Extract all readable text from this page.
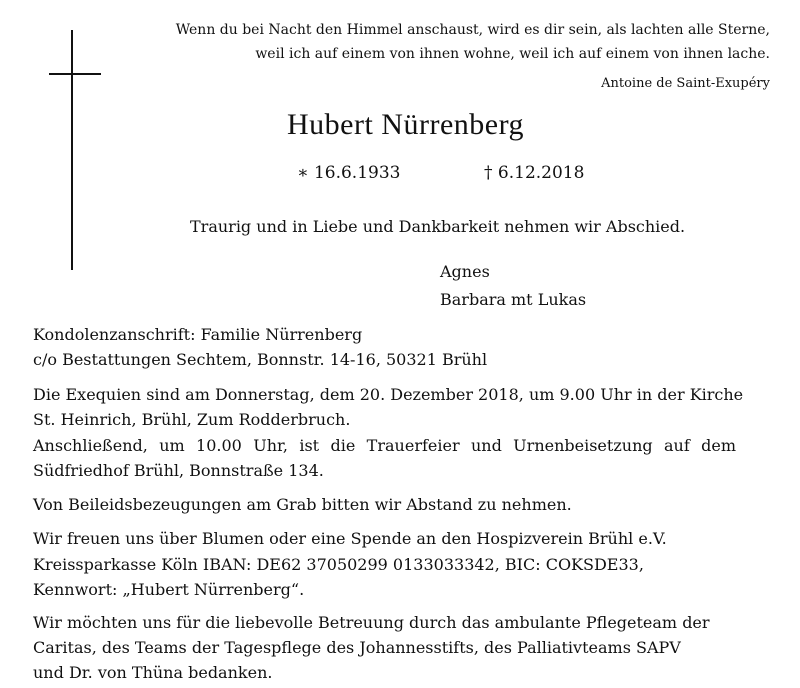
Wenn du bei Nacht den Himmel anschaust, wird es dir sein, als lachten alle Sterne,

weil ich auf einem von ihnen wohne, weil ich auf einem von ihnen lache.

Antoine de Saint-Exupéry

Hubert Nürrenberg

∗ 16.6.1933	† 6.12.2018

Traurig und in Liebe und Dankbarkeit nehmen wir Abschied.

Agnes

Barbara mt Lukas

Kondolenzanschrift: Familie Nürrenberg

c/o Bestattungen Sechtem, Bonnstr. 14-16, 50321 Brühl

Die Exequien sind am Donnerstag, dem 20. Dezember 2018, um 9.00 Uhr in der Kirche

St. Heinrich, Brühl, Zum Rodderbruch.

Anschließend, um 10.00 Uhr, ist die Trauerfeier und Urnenbeisetzung auf dem

Südfriedhof Brühl, Bonnstraße 134.

Von Beileidsbezeugungen am Grab bitten wir Abstand zu nehmen.

Wir freuen uns über Blumen oder eine Spende an den Hospizverein Brühl e.V.

Kreissparkasse Köln IBAN: DE62 37050299 0133033342, BIC: COKSDE33,

Kennwort: „Hubert Nürrenberg“.

Wir möchten uns für die liebevolle Betreuung durch das ambulante Pflegeteam der

Caritas, des Teams der Tagespflege des Johannesstifts, des Palliativteams SAPV

und Dr. von Thüna bedanken.
